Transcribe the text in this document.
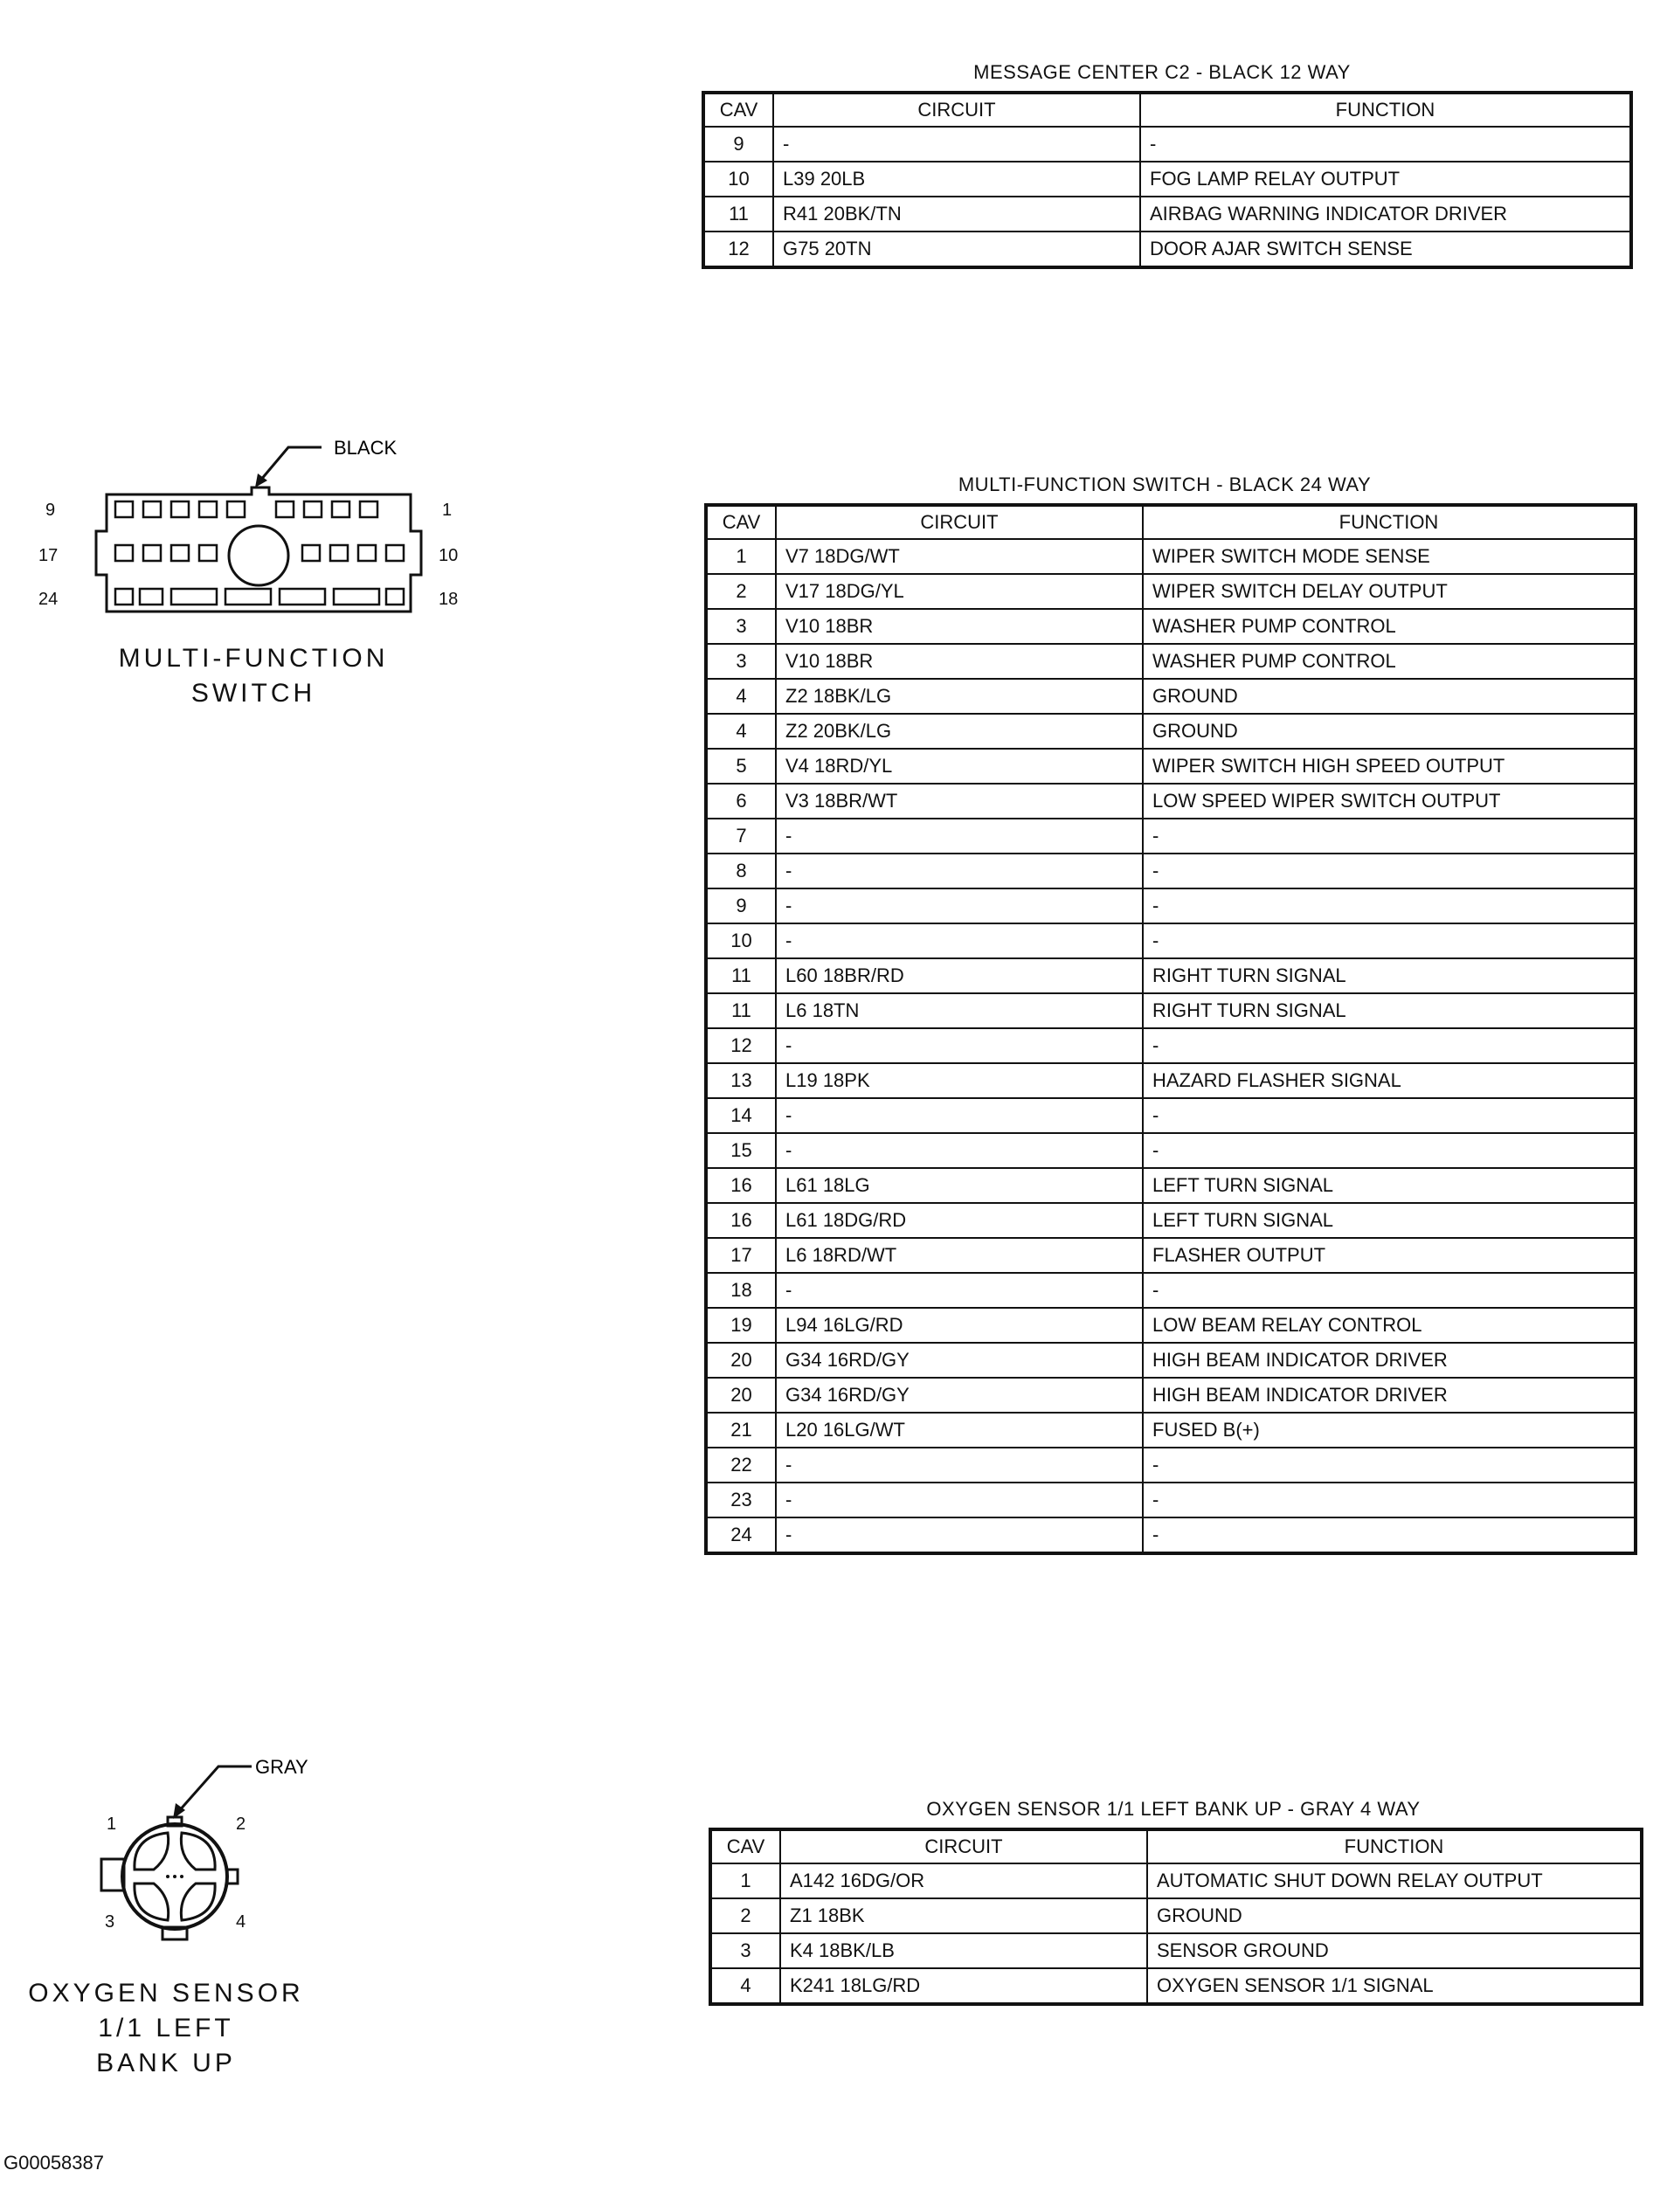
MESSAGE CENTER C2 - BLACK 12 WAY
CAV	CIRCUIT	FUNCTION
9	-	-
10	L39 20LB	FOG LAMP RELAY OUTPUT
11	R41 20BK/TN	AIRBAG WARNING INDICATOR DRIVER
12	G75 20TN	DOOR AJAR SWITCH SENSE
MULTI-FUNCTION SWITCH - BLACK 24 WAY
CAV	CIRCUIT	FUNCTION
1	V7 18DG/WT	WIPER SWITCH MODE SENSE
2	V17 18DG/YL	WIPER SWITCH DELAY OUTPUT
3	V10 18BR	WASHER PUMP CONTROL
3	V10 18BR	WASHER PUMP CONTROL
4	Z2 18BK/LG	GROUND
4	Z2 20BK/LG	GROUND
5	V4 18RD/YL	WIPER SWITCH HIGH SPEED OUTPUT
6	V3 18BR/WT	LOW SPEED WIPER SWITCH OUTPUT
7	-	-
8	-	-
9	-	-
10	-	-
11	L60 18BR/RD	RIGHT TURN SIGNAL
11	L6 18TN	RIGHT TURN SIGNAL
12	-	-
13	L19 18PK	HAZARD FLASHER SIGNAL
14	-	-
15	-	-
16	L61 18LG	LEFT TURN SIGNAL
16	L61 18DG/RD	LEFT TURN SIGNAL
17	L6 18RD/WT	FLASHER OUTPUT
18	-	-
19	L94 16LG/RD	LOW BEAM RELAY CONTROL
20	G34 16RD/GY	HIGH BEAM INDICATOR DRIVER
20	G34 16RD/GY	HIGH BEAM INDICATOR DRIVER
21	L20 16LG/WT	FUSED B(+)
22	-	-
23	-	-
24	-	-
OXYGEN SENSOR 1/1 LEFT BANK UP - GRAY 4 WAY
CAV	CIRCUIT	FUNCTION
1	A142 16DG/OR	AUTOMATIC SHUT DOWN RELAY OUTPUT
2	Z1 18BK	GROUND
3	K4 18BK/LB	SENSOR GROUND
4	K241 18LG/RD	OXYGEN SENSOR 1/1 SIGNAL
BLACK
9	1
17	10
24	18
MULTI-FUNCTION
SWITCH
GRAY
1	2
3	4
OXYGEN SENSOR
1/1 LEFT
BANK UP
G00058387
